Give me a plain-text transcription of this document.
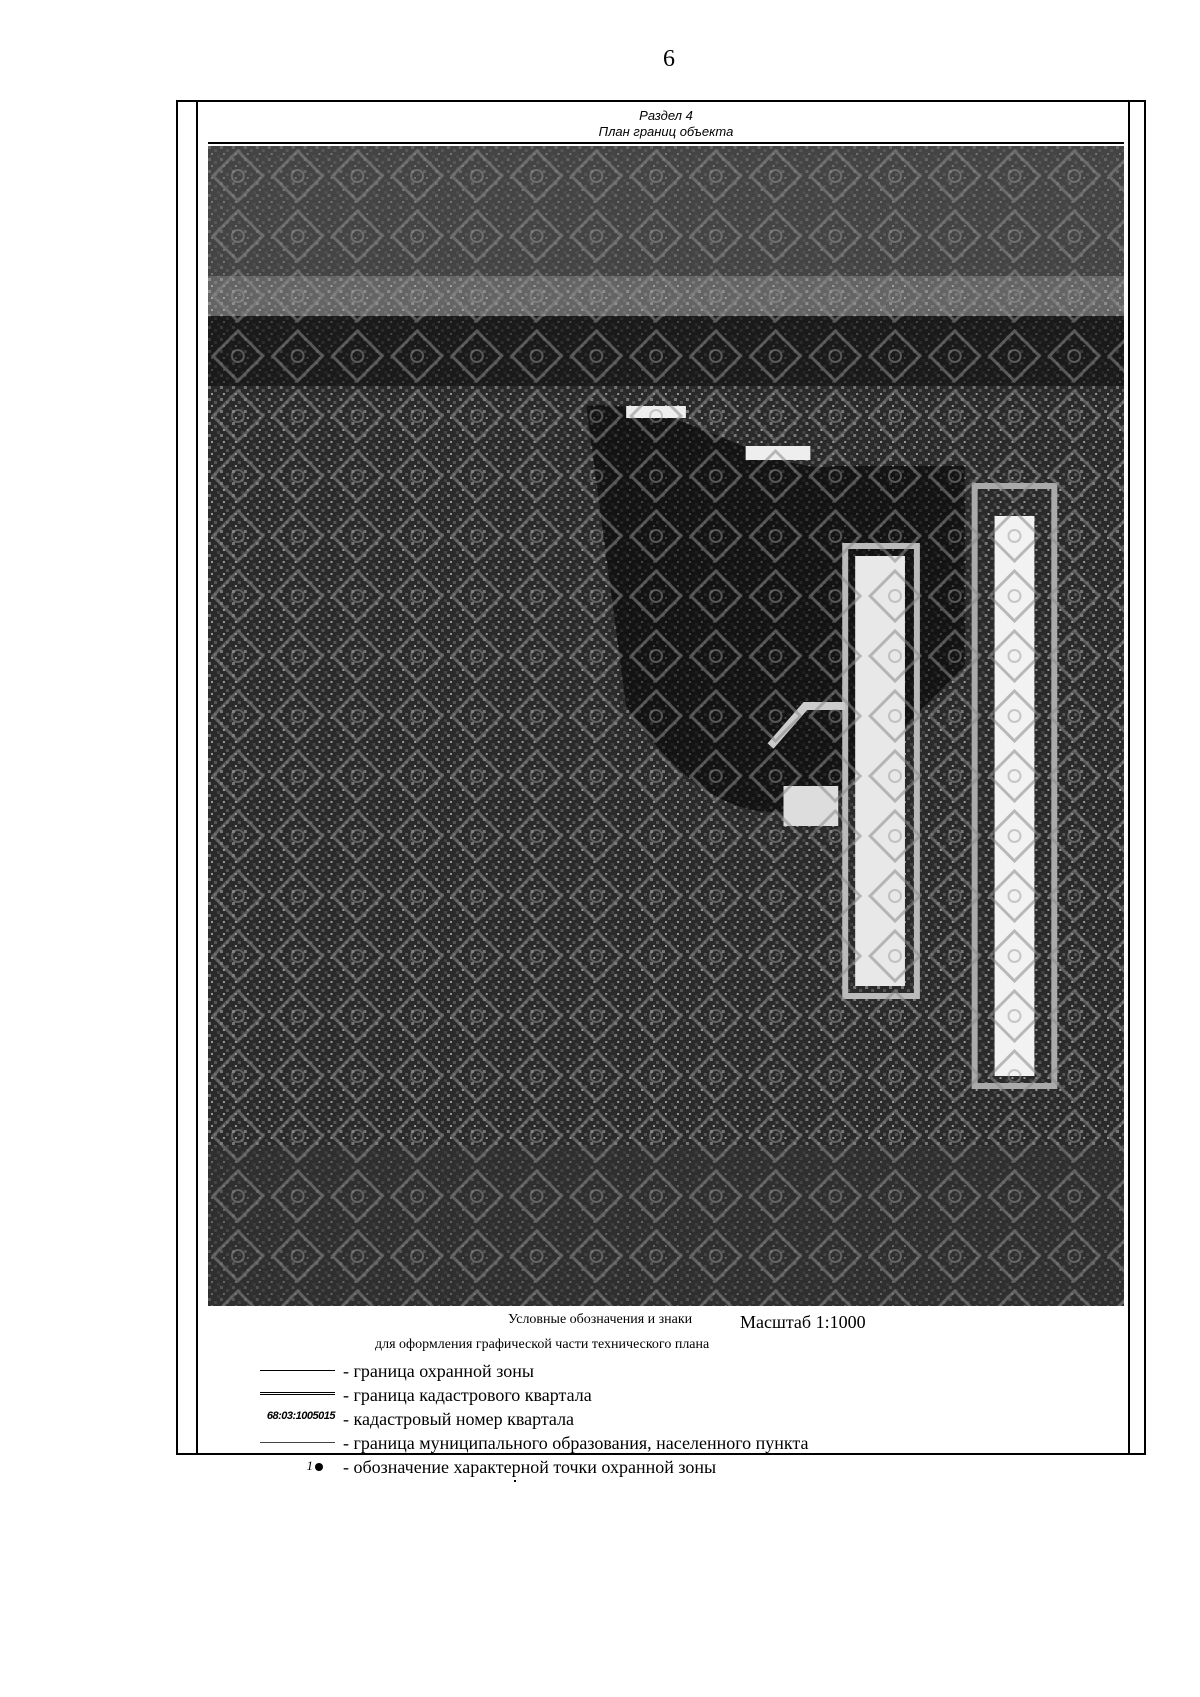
6
Раздел 4
План границ объекта
Условные обозначения и знаки	Масштаб 1:1000
для оформления графической части технического плана
- граница охранной зоны
- граница кадастрового квартала
68:03:1005015 - кадастровый номер квартала
- граница муниципального образования, населенного пункта
1	- обозначение характерной точки охранной зоны
